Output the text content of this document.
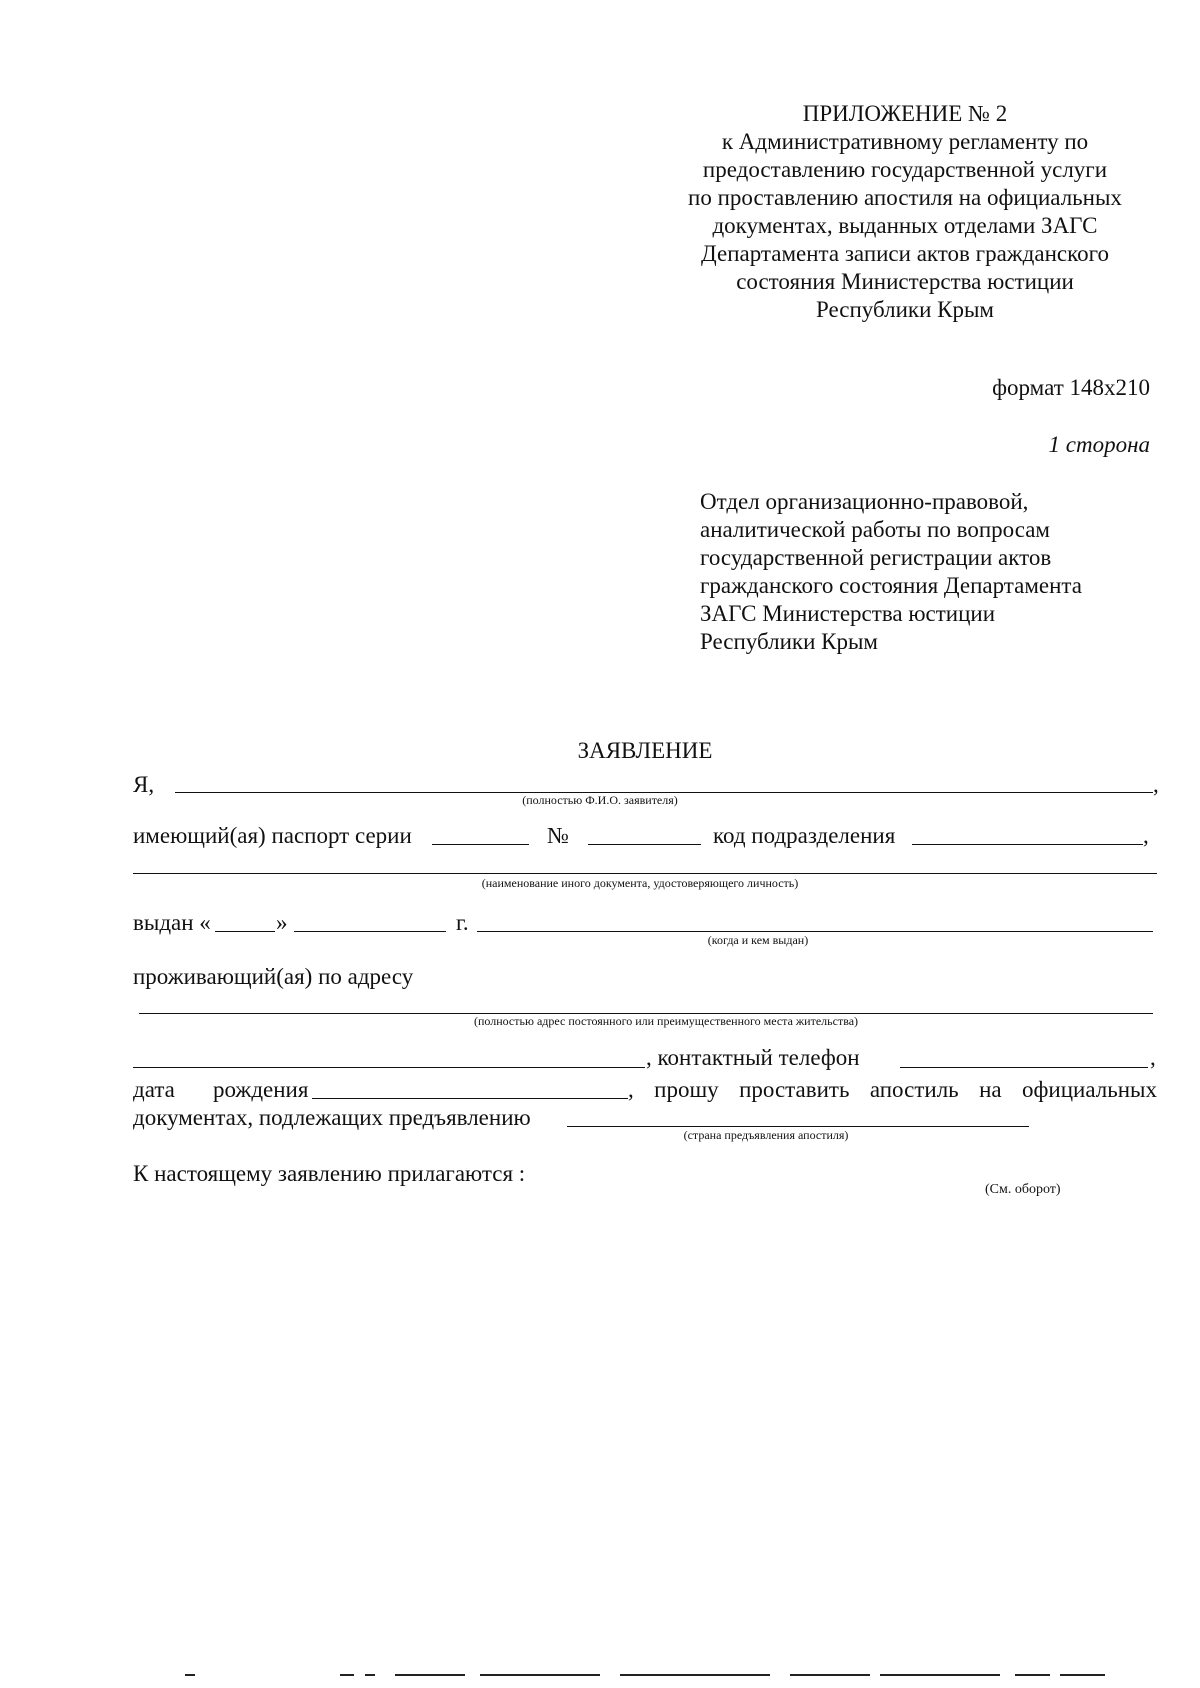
ПРИЛОЖЕНИЕ № 2
к Административному регламенту по
предоставлению государственной услуги
по проставлению апостиля на официальных
документах, выданных отделами ЗАГС
Департамента записи актов гражданского
состояния Министерства юстиции
Республики Крым
формат 148x210
1 сторона
Отдел организационно-правовой,
аналитической работы по вопросам
государственной регистрации актов
гражданского состояния Департамента
ЗАГС Министерства юстиции
Республики Крым
ЗАЯВЛЕНИЕ
Я,	,
(полностью Ф.И.О. заявителя)
имеющий(ая) паспорт серии	№	код подразделения	,
(наименование иного документа, удостоверяющего личность)
выдан «	»	г.
(когда и кем выдан)
проживающий(ая) по адресу
(полностью адрес постоянного или преимущественного места жительства)
, контактный телефон	,
дата рождения	, прошу проставить апостиль на официальных
документах, подлежащих предъявлению
(страна предъявления апостиля)
К настоящему заявлению прилагаются :
(См. оборот)
